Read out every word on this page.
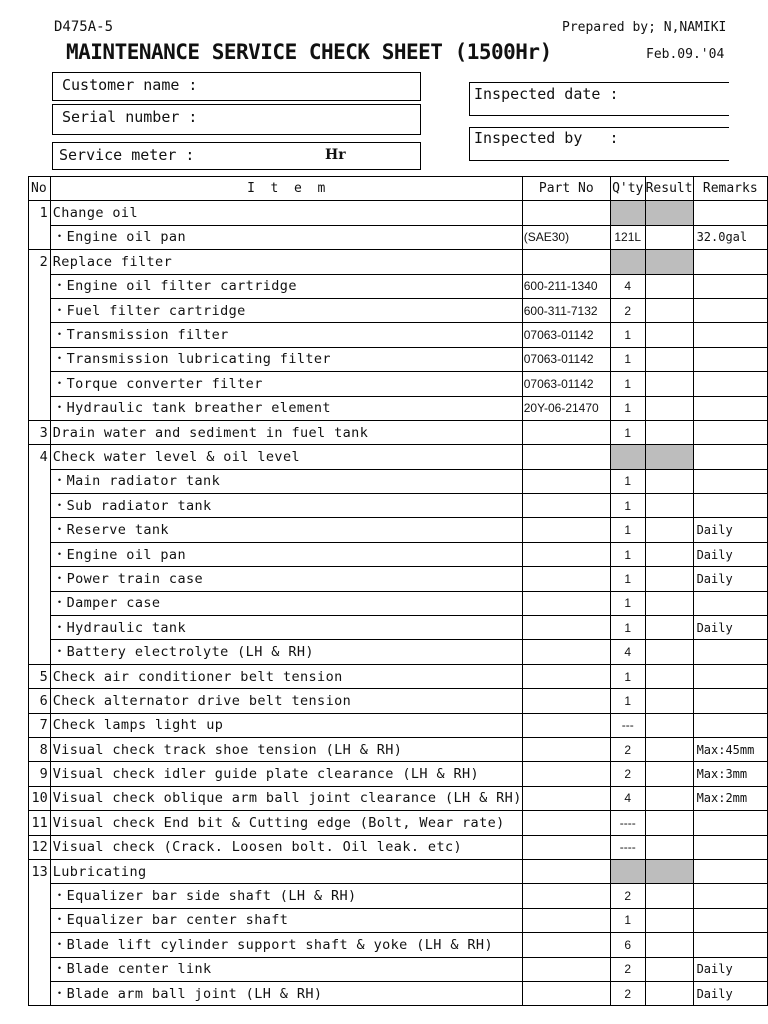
D475A-5	Prepared by; N,NAMIKI
MAINTENANCE SERVICE CHECK SHEET (1500Hr)	Feb.09.'04
Customer name :
Serial number :
Service meter :	Hr
Inspected date :
Inspected by   :
No	I  t  e  m	Part No	Q'ty	Result	Remarks
1	Change oil				
	・Engine oil pan	(SAE30)	121L		32.0gal
2	Replace filter				
	・Engine oil filter cartridge	600-211-1340	4		
	・Fuel filter cartridge	600-311-7132	2		
	・Transmission filter	07063-01142	1		
	・Transmission lubricating filter	07063-01142	1		
	・Torque converter filter	07063-01142	1		
	・Hydraulic tank breather element	20Y-06-21470	1		
3	Drain water and sediment in fuel tank		1		
4	Check water level & oil level				
	・Main radiator tank		1		
	・Sub radiator tank		1		
	・Reserve tank		1		Daily
	・Engine oil pan		1		Daily
	・Power train case		1		Daily
	・Damper case		1		
	・Hydraulic tank		1		Daily
	・Battery electrolyte (LH & RH)		4		
5	Check air conditioner belt tension		1		
6	Check alternator drive belt tension		1		
7	Check lamps light up		---		
8	Visual check track shoe tension (LH & RH)		2		Max:45mm
9	Visual check idler guide plate clearance (LH & RH)		2		Max:3mm
10	Visual check oblique arm ball joint clearance (LH & RH)		4		Max:2mm
11	Visual check End bit & Cutting edge (Bolt, Wear rate)		----		
12	Visual check (Crack. Loosen bolt. Oil leak. etc)		----		
13	Lubricating				
	・Equalizer bar side shaft (LH & RH)		2		
	・Equalizer bar center shaft		1		
	・Blade lift cylinder support shaft & yoke (LH & RH)		6		
	・Blade center link		2		Daily
	・Blade arm ball joint (LH & RH)		2		Daily
